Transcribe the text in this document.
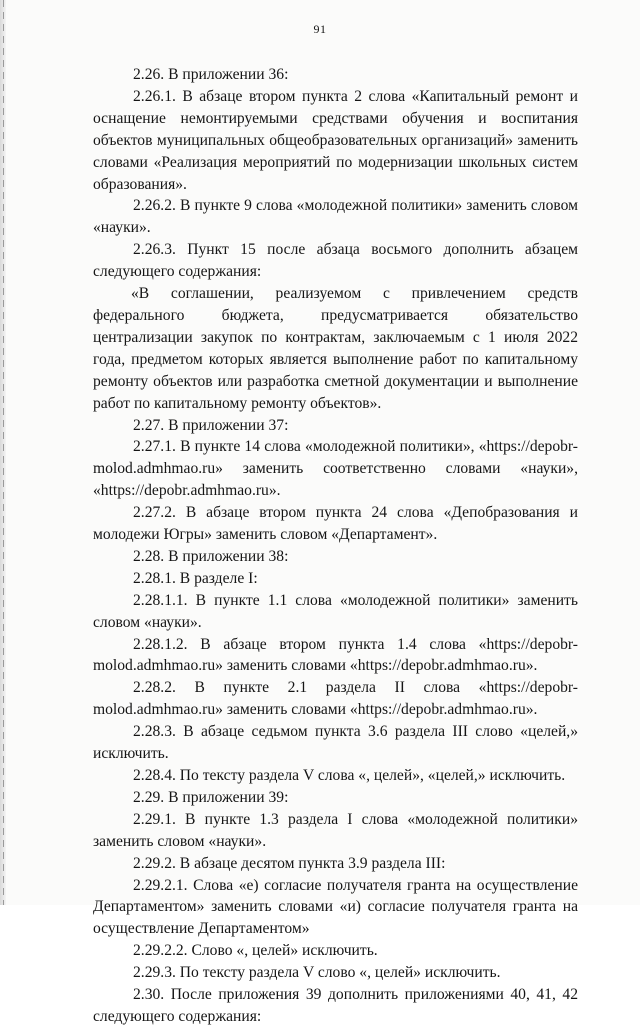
91

2.26. В приложении 36:

2.26.1. В абзаце втором пункта 2 слова «Капитальный ремонт и оснащение немонтируемыми средствами обучения и воспитания объектов муниципальных общеобразовательных организаций» заменить словами «Реализация мероприятий по модернизации школьных систем образования».

2.26.2. В пункте 9 слова «молодежной политики» заменить словом «науки».

2.26.3. Пункт 15 после абзаца восьмого дополнить абзацем следующего содержания:

«В соглашении, реализуемом с привлечением средств федерального бюджета, предусматривается обязательство централизации закупок по контрактам, заключаемым с 1 июля 2022 года, предметом которых является выполнение работ по капитальному ремонту объектов или разработка сметной документации и выполнение работ по капитальному ремонту объектов».

2.27. В приложении 37:

2.27.1. В пункте 14 слова «молодежной политики», «https://depobr-molod.admhmao.ru» заменить соответственно словами «науки», «https://depobr.admhmao.ru».

2.27.2. В абзаце втором пункта 24 слова «Депобразования и молодежи Югры» заменить словом «Департамент».

2.28. В приложении 38:

2.28.1. В разделе I:

2.28.1.1. В пункте 1.1 слова «молодежной политики» заменить словом «науки».

2.28.1.2. В абзаце втором пункта 1.4 слова «https://depobr-molod.admhmao.ru» заменить словами «https://depobr.admhmao.ru».

2.28.2. В пункте 2.1 раздела II слова «https://depobr-molod.admhmao.ru» заменить словами «https://depobr.admhmao.ru».

2.28.3. В абзаце седьмом пункта 3.6 раздела III слово «целей,» исключить.

2.28.4. По тексту раздела V слова «, целей», «целей,» исключить.

2.29. В приложении 39:

2.29.1. В пункте 1.3 раздела I слова «молодежной политики» заменить словом «науки».

2.29.2. В абзаце десятом пункта 3.9 раздела III:

2.29.2.1. Слова «е) согласие получателя гранта на осуществление Департаментом» заменить словами «и) согласие получателя гранта на осуществление Департаментом»

2.29.2.2. Слово «, целей» исключить.

2.29.3. По тексту раздела V слово «, целей» исключить.

2.30. После приложения 39 дополнить приложениями 40, 41, 42 следующего содержания:
